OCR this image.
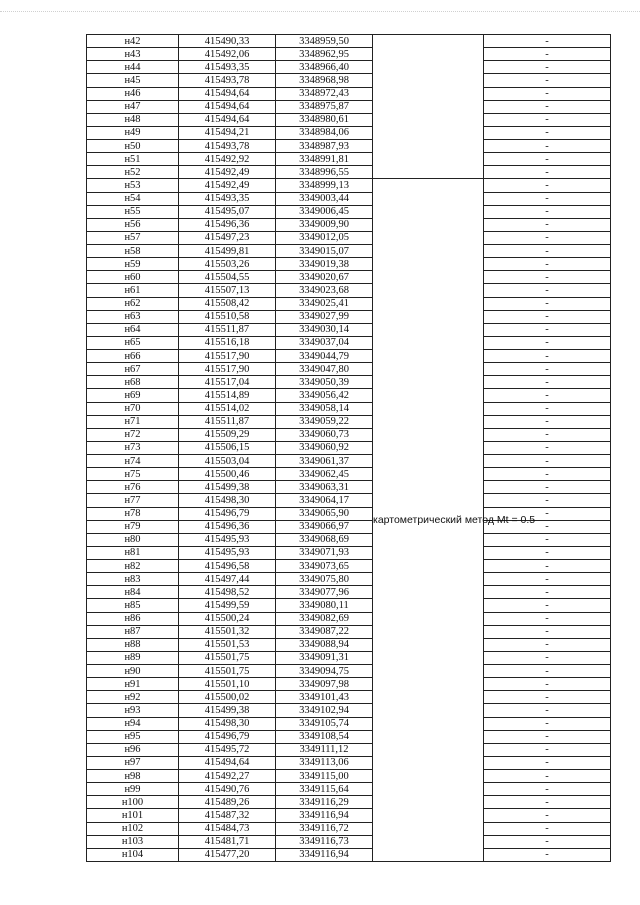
н42	415490,33	3348959,50		-
н43	415492,06	3348962,95		-
н44	415493,35	3348966,40		-
н45	415493,78	3348968,98		-
н46	415494,64	3348972,43		-
н47	415494,64	3348975,87		-
н48	415494,64	3348980,61		-
н49	415494,21	3348984,06		-
н50	415493,78	3348987,93		-
н51	415492,92	3348991,81		-
н52	415492,49	3348996,55		-
н53	415492,49	3348999,13	картометрический метод Mt = 0.5	-
н54	415493,35	3349003,44		-
н55	415495,07	3349006,45		-
н56	415496,36	3349009,90		-
н57	415497,23	3349012,05		-
н58	415499,81	3349015,07		-
н59	415503,26	3349019,38		-
н60	415504,55	3349020,67		-
н61	415507,13	3349023,68		-
н62	415508,42	3349025,41		-
н63	415510,58	3349027,99		-
н64	415511,87	3349030,14		-
н65	415516,18	3349037,04		-
н66	415517,90	3349044,79		-
н67	415517,90	3349047,80		-
н68	415517,04	3349050,39		-
н69	415514,89	3349056,42		-
н70	415514,02	3349058,14		-
н71	415511,87	3349059,22		-
н72	415509,29	3349060,73		-
н73	415506,15	3349060,92		-
н74	415503,04	3349061,37		-
н75	415500,46	3349062,45		-
н76	415499,38	3349063,31		-
н77	415498,30	3349064,17		-
н78	415496,79	3349065,90		-
н79	415496,36	3349066,97		-
н80	415495,93	3349068,69		-
н81	415495,93	3349071,93		-
н82	415496,58	3349073,65		-
н83	415497,44	3349075,80		-
н84	415498,52	3349077,96		-
н85	415499,59	3349080,11		-
н86	415500,24	3349082,69		-
н87	415501,32	3349087,22		-
н88	415501,53	3349088,94		-
н89	415501,75	3349091,31		-
н90	415501,75	3349094,75		-
н91	415501,10	3349097,98		-
н92	415500,02	3349101,43		-
н93	415499,38	3349102,94		-
н94	415498,30	3349105,74		-
н95	415496,79	3349108,54		-
н96	415495,72	3349111,12		-
н97	415494,64	3349113,06		-
н98	415492,27	3349115,00		-
н99	415490,76	3349115,64		-
н100	415489,26	3349116,29		-
н101	415487,32	3349116,94		-
н102	415484,73	3349116,72		-
н103	415481,71	3349116,73		-
н104	415477,20	3349116,94		-
